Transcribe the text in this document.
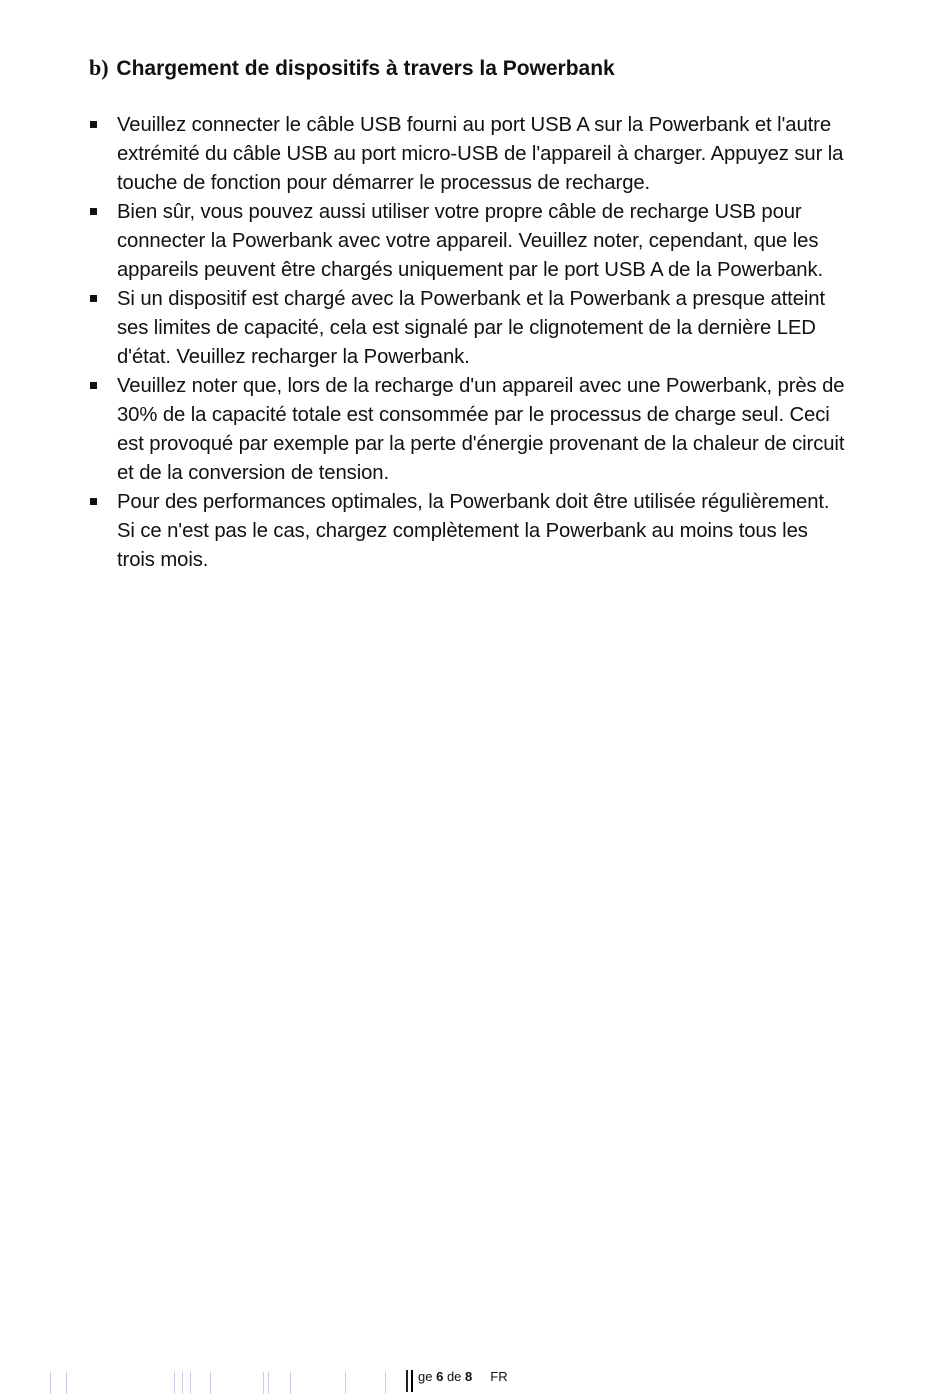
b) Chargement de dispositifs à travers la Powerbank
Veuillez connecter le câble USB fourni au port USB A sur la Powerbank et l'autre extrémité du câble USB au port micro-USB de l'appareil à charger. Appuyez sur la touche de fonction pour démarrer le processus de recharge.
Bien sûr, vous pouvez aussi utiliser votre propre câble de recharge USB pour connecter la Powerbank avec votre appareil. Veuillez noter, cependant, que les appareils peuvent être chargés uniquement par le port USB A de la Powerbank.
Si un dispositif est chargé avec la Powerbank et la Powerbank a presque atteint ses limites de capacité, cela est signalé par le clignotement de la dernière LED d'état. Veuillez recharger la Powerbank.
Veuillez noter que, lors de la recharge d'un appareil avec une Powerbank, près de 30% de la capacité totale est consommée par le processus de charge seul. Ceci est provoqué par exemple par la perte d'énergie provenant de la chaleur de circuit et de la conversion de tension.
Pour des performances optimales, la Powerbank doit être utilisée régulièrement. Si ce n'est pas le cas, chargez complètement la Powerbank au moins tous les trois mois.
ge 6 de 8 FR
